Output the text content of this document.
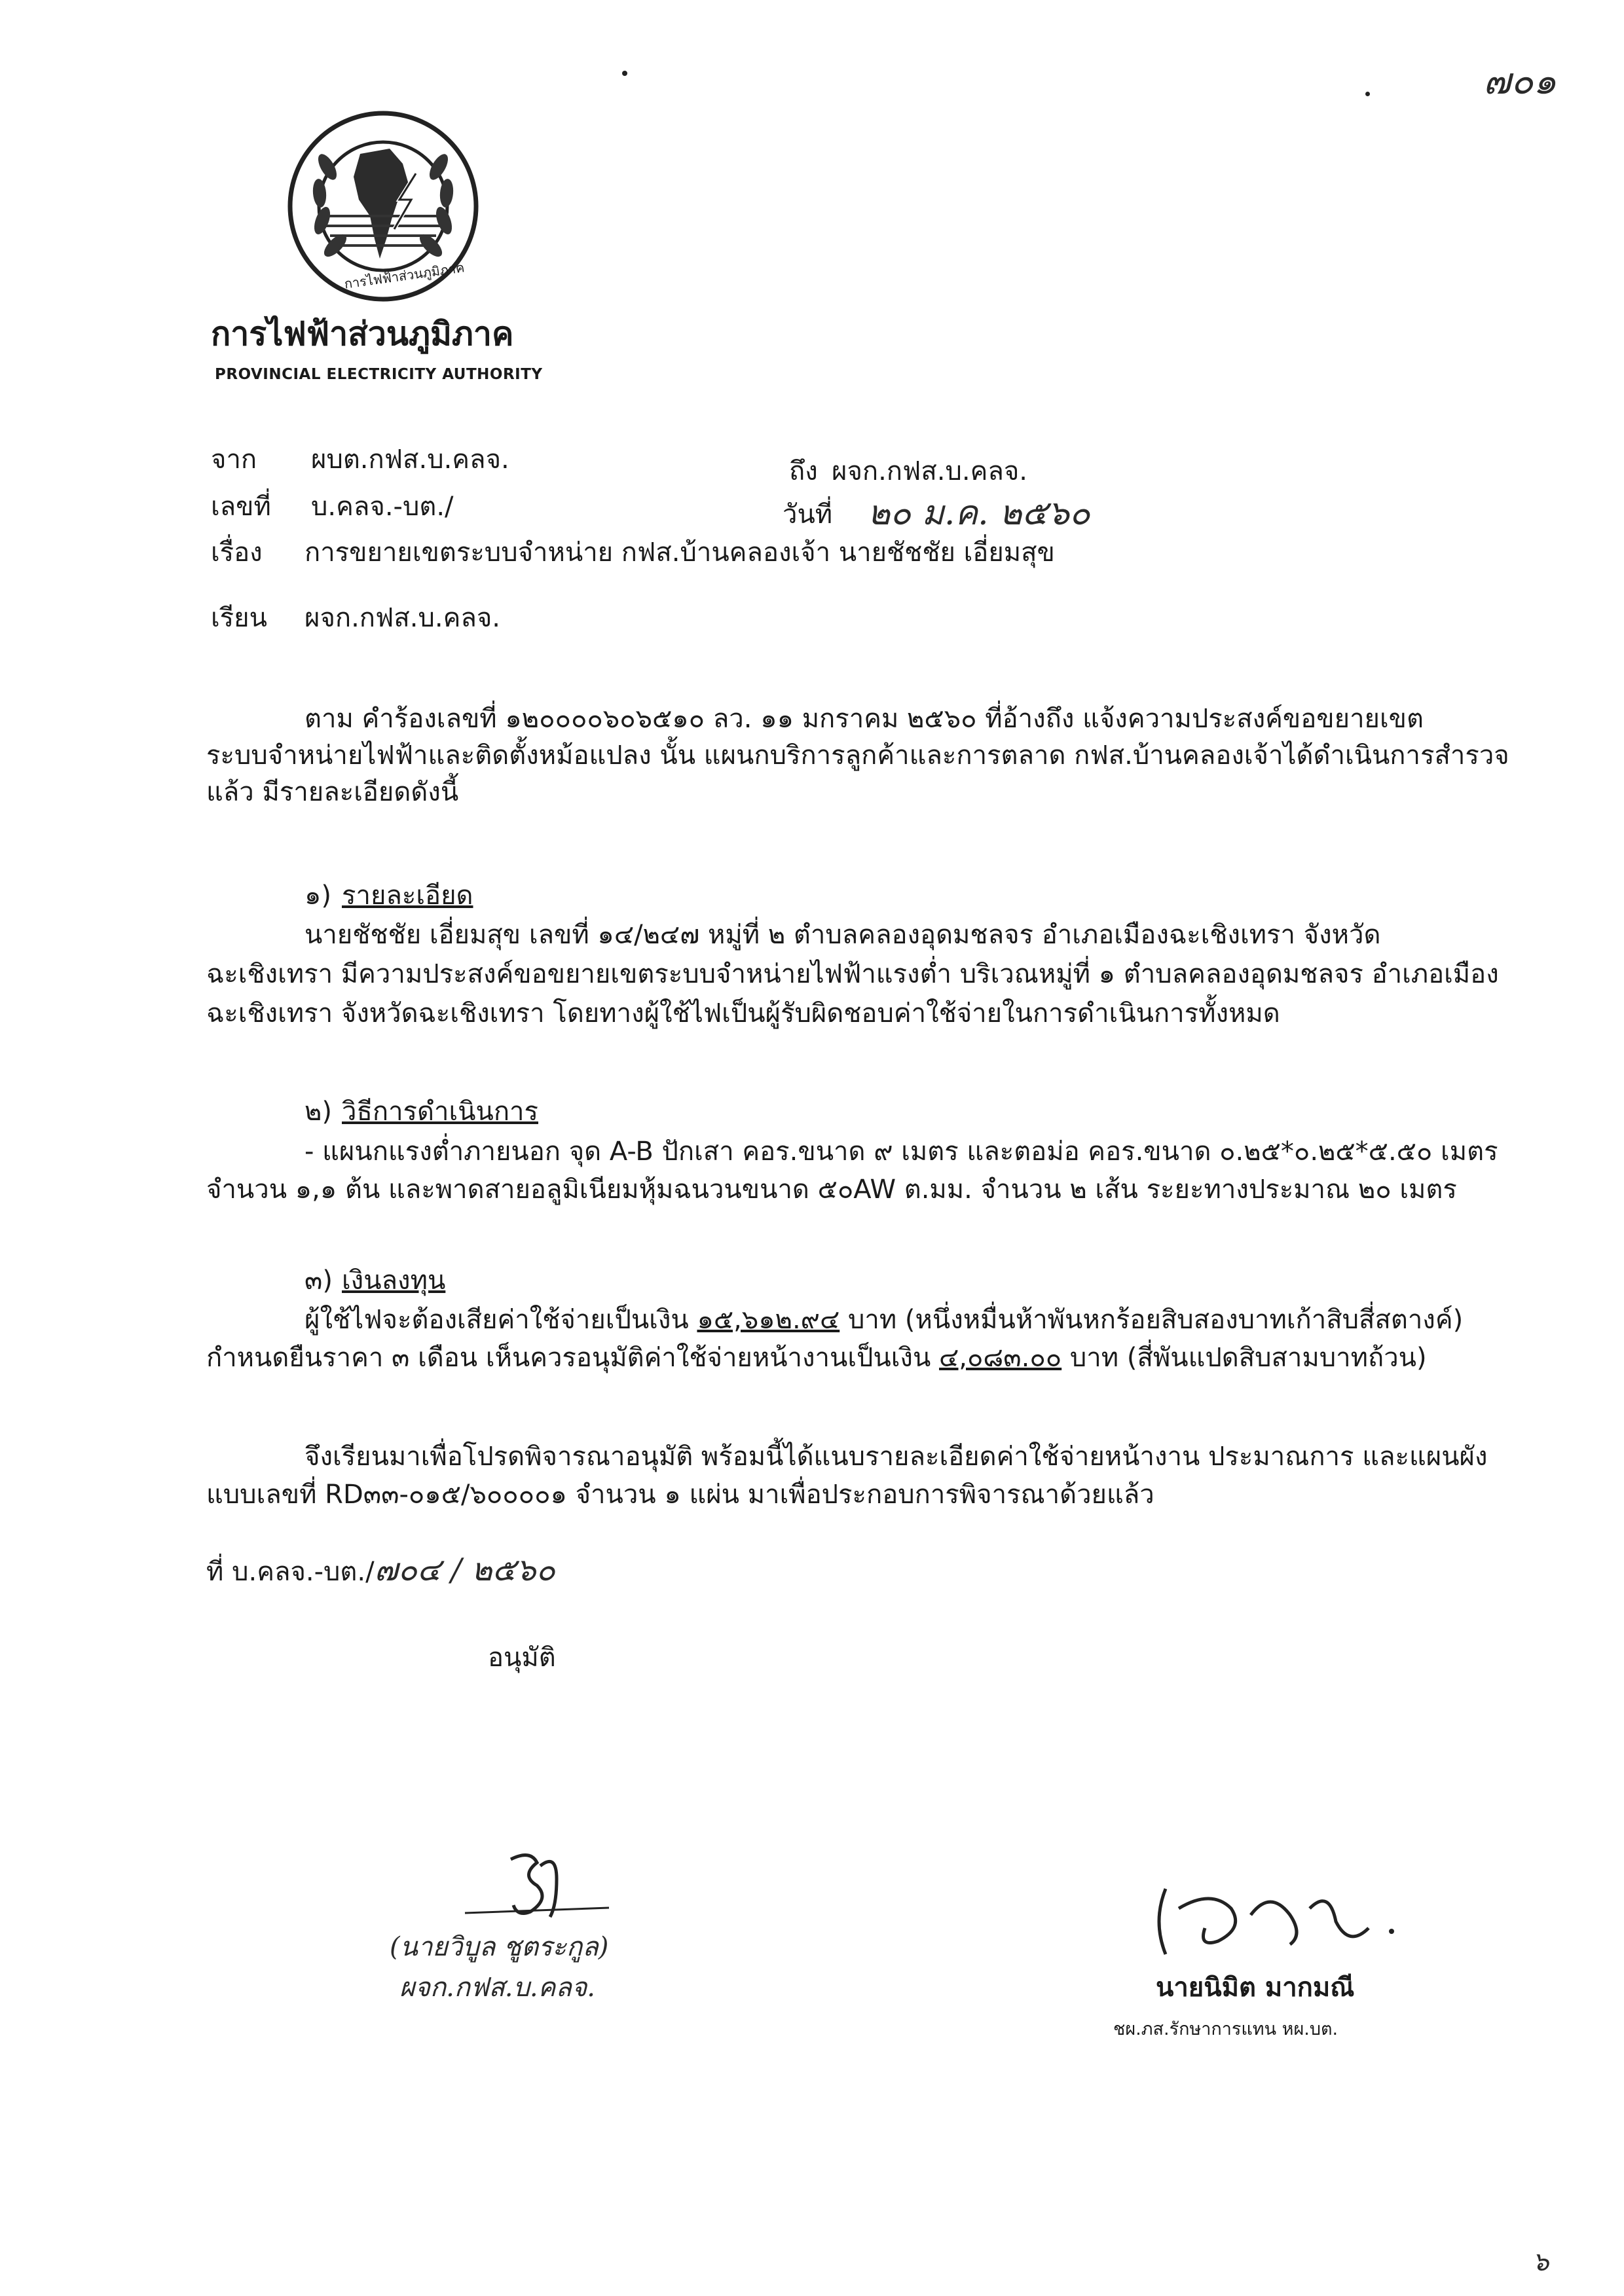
๗๐๑
การไฟฟ้าส่วนภูมิภาค
การไฟฟ้าส่วนภูมิภาค
PROVINCIAL ELECTRICITY AUTHORITY
จาก ผบต.กฟส.บ.คลจ.	ถึง ผจก.กฟส.บ.คลจ.
เลขที่ บ.คลจ.-บต./	วันที่ ๒๐ ม.ค. ๒๕๖๐
เรื่อง การขยายเขตระบบจำหน่าย กฟส.บ้านคลองเจ้า นายชัชชัย เอี่ยมสุข
เรียน ผจก.กฟส.บ.คลจ.
ตาม คำร้องเลขที่ ๑๒๐๐๐๐๖๐๖๕๑๐ ลว. ๑๑ มกราคม ๒๕๖๐ ที่อ้างถึง แจ้งความประสงค์ขอขยายเขต
ระบบจำหน่ายไฟฟ้าและติดตั้งหม้อแปลง นั้น แผนกบริการลูกค้าและการตลาด กฟส.บ้านคลองเจ้าได้ดำเนินการสำรวจ
แล้ว มีรายละเอียดดังนี้
๑) รายละเอียด
นายชัชชัย เอี่ยมสุข เลขที่ ๑๔/๒๔๗ หมู่ที่ ๒ ตำบลคลองอุดมชลจร อำเภอเมืองฉะเชิงเทรา จังหวัด
ฉะเชิงเทรา มีความประสงค์ขอขยายเขตระบบจำหน่ายไฟฟ้าแรงต่ำ บริเวณหมู่ที่ ๑ ตำบลคลองอุดมชลจร อำเภอเมือง
ฉะเชิงเทรา จังหวัดฉะเชิงเทรา โดยทางผู้ใช้ไฟเป็นผู้รับผิดชอบค่าใช้จ่ายในการดำเนินการทั้งหมด
๒) วิธีการดำเนินการ
- แผนกแรงต่ำภายนอก จุด A-B ปักเสา คอร.ขนาด ๙ เมตร และตอม่อ คอร.ขนาด ๐.๒๕*๐.๒๕*๕.๕๐ เมตร
จำนวน ๑,๑ ต้น และพาดสายอลูมิเนียมหุ้มฉนวนขนาด ๕๐AW ต.มม. จำนวน ๒ เส้น ระยะทางประมาณ ๒๐ เมตร
๓) เงินลงทุน
ผู้ใช้ไฟจะต้องเสียค่าใช้จ่ายเป็นเงิน ๑๕,๖๑๒.๙๔ บาท (หนึ่งหมื่นห้าพันหกร้อยสิบสองบาทเก้าสิบสี่สตางค์)
กำหนดยืนราคา ๓ เดือน เห็นควรอนุมัติค่าใช้จ่ายหน้างานเป็นเงิน ๔,๐๘๓.๐๐ บาท (สี่พันแปดสิบสามบาทถ้วน)
จึงเรียนมาเพื่อโปรดพิจารณาอนุมัติ พร้อมนี้ได้แนบรายละเอียดค่าใช้จ่ายหน้างาน ประมาณการ และแผนผัง
แบบเลขที่ RD๓๓-๐๑๕/๖๐๐๐๐๑ จำนวน ๑ แผ่น มาเพื่อประกอบการพิจารณาด้วยแล้ว
ที่ บ.คลจ.-บต./๗๐๔ / ๒๕๖๐
อนุมัติ
(นายวิบูล ชูตระกูล)
ผจก.กฟส.บ.คลจ.	นายนิมิต มากมณี
ชผ.ภส.รักษาการแทน หผ.บต.
๖
